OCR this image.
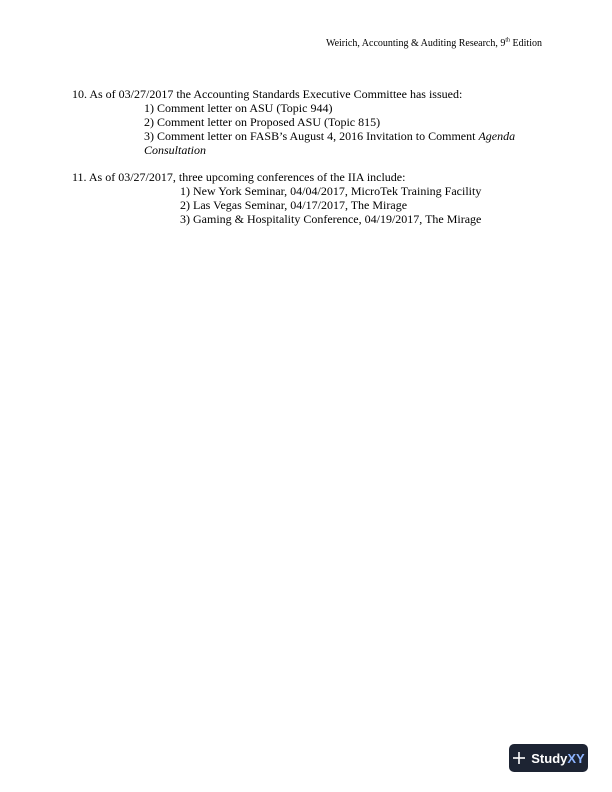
Weirich, Accounting & Auditing Research, 9th Edition
10. As of 03/27/2017 the Accounting Standards Executive Committee has issued:
1) Comment letter on ASU (Topic 944)
2) Comment letter on Proposed ASU (Topic 815)
3) Comment letter on FASB’s August 4, 2016 Invitation to Comment Agenda Consultation
11. As of 03/27/2017, three upcoming conferences of the IIA include:
1) New York Seminar, 04/04/2017, MicroTek Training Facility
2) Las Vegas Seminar, 04/17/2017, The Mirage
3) Gaming & Hospitality Conference, 04/19/2017, The Mirage
StudyXY
